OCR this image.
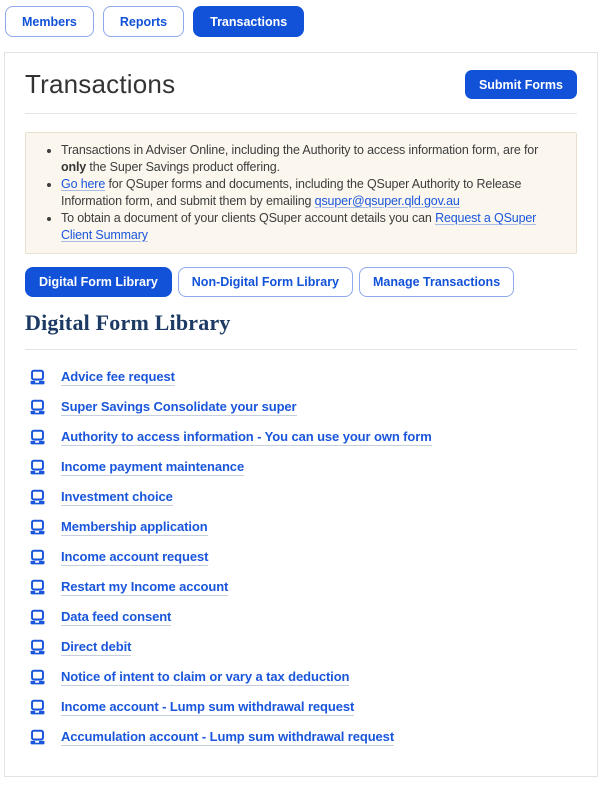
Members	Reports	Transactions
Transactions	Submit Forms
• Transactions in Adviser Online, including the Authority to access information form, are for only the Super Savings product offering.
• Go here for QSuper forms and documents, including the QSuper Authority to Release Information form, and submit them by emailing qsuper@qsuper.qld.gov.au
• To obtain a document of your clients QSuper account details you can Request a QSuper Client Summary
Digital Form Library	Non-Digital Form Library	Manage Transactions
Digital Form Library
Advice fee request
Super Savings Consolidate your super
Authority to access information - You can use your own form
Income payment maintenance
Investment choice
Membership application
Income account request
Restart my Income account
Data feed consent
Direct debit
Notice of intent to claim or vary a tax deduction
Income account - Lump sum withdrawal request
Accumulation account - Lump sum withdrawal request
